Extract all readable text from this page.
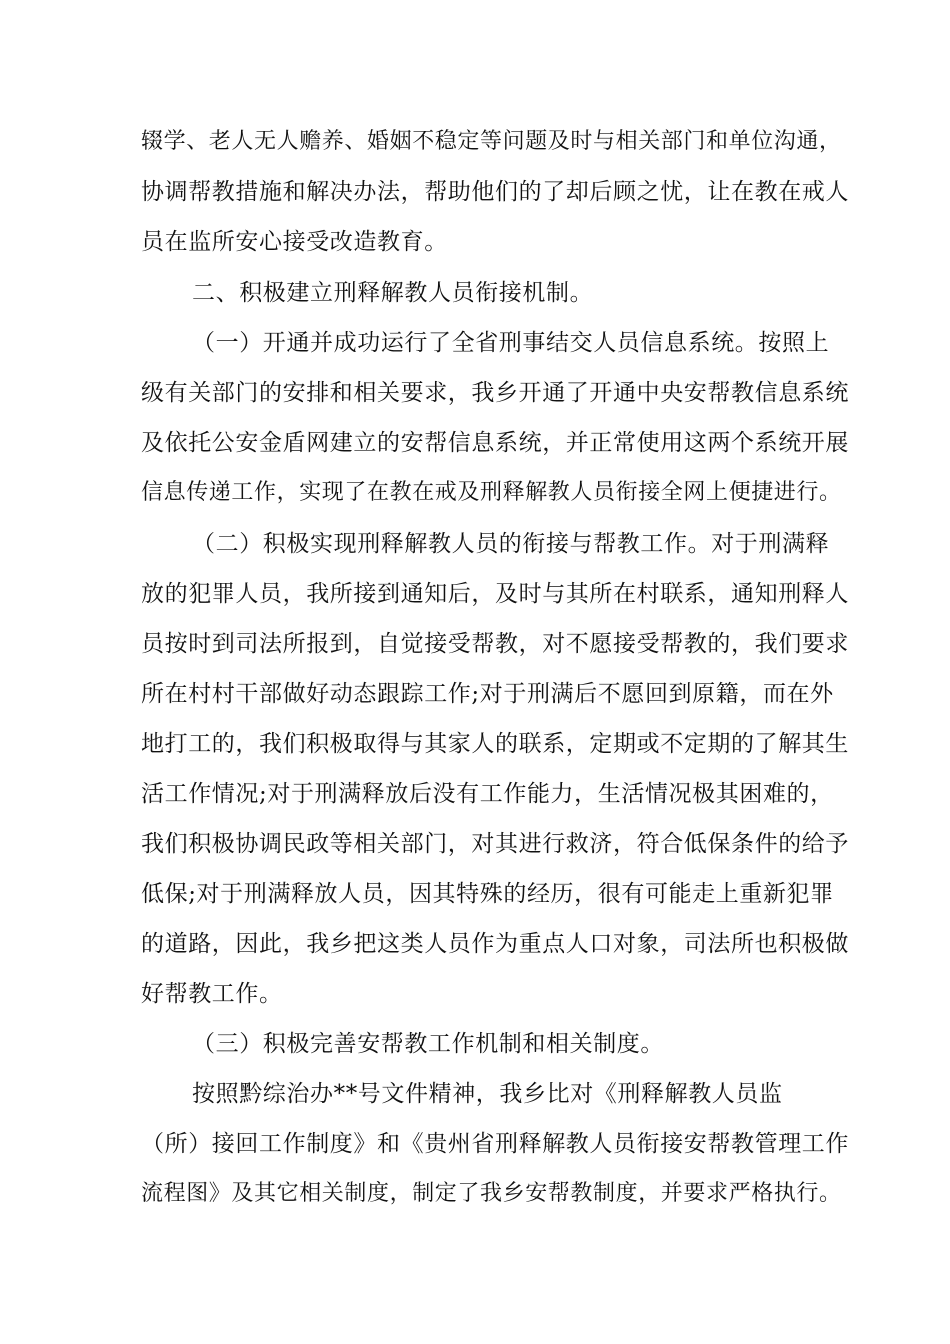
辍学、老人无人赡养、婚姻不稳定等问题及时与相关部门和单位沟通，
协调帮教措施和解决办法，帮助他们的了却后顾之忧，让在教在戒人
员在监所安心接受改造教育。
二、积极建立刑释解教人员衔接机制。
（一）开通并成功运行了全省刑事结交人员信息系统。按照上
级有关部门的安排和相关要求，我乡开通了开通中央安帮教信息系统
及依托公安金盾网建立的安帮信息系统，并正常使用这两个系统开展
信息传递工作，实现了在教在戒及刑释解教人员衔接全网上便捷进行。
（二）积极实现刑释解教人员的衔接与帮教工作。对于刑满释
放的犯罪人员，我所接到通知后，及时与其所在村联系，通知刑释人
员按时到司法所报到，自觉接受帮教，对不愿接受帮教的，我们要求
所在村村干部做好动态跟踪工作;对于刑满后不愿回到原籍，而在外
地打工的，我们积极取得与其家人的联系，定期或不定期的了解其生
活工作情况;对于刑满释放后没有工作能力，生活情况极其困难的，
我们积极协调民政等相关部门，对其进行救济，符合低保条件的给予
低保;对于刑满释放人员，因其特殊的经历，很有可能走上重新犯罪
的道路，因此，我乡把这类人员作为重点人口对象，司法所也积极做
好帮教工作。
（三）积极完善安帮教工作机制和相关制度。
按照黔综治办**号文件精神，我乡比对《刑释解教人员监
（所）接回工作制度》和《贵州省刑释解教人员衔接安帮教管理工作
流程图》及其它相关制度，制定了我乡安帮教制度，并要求严格执行。
